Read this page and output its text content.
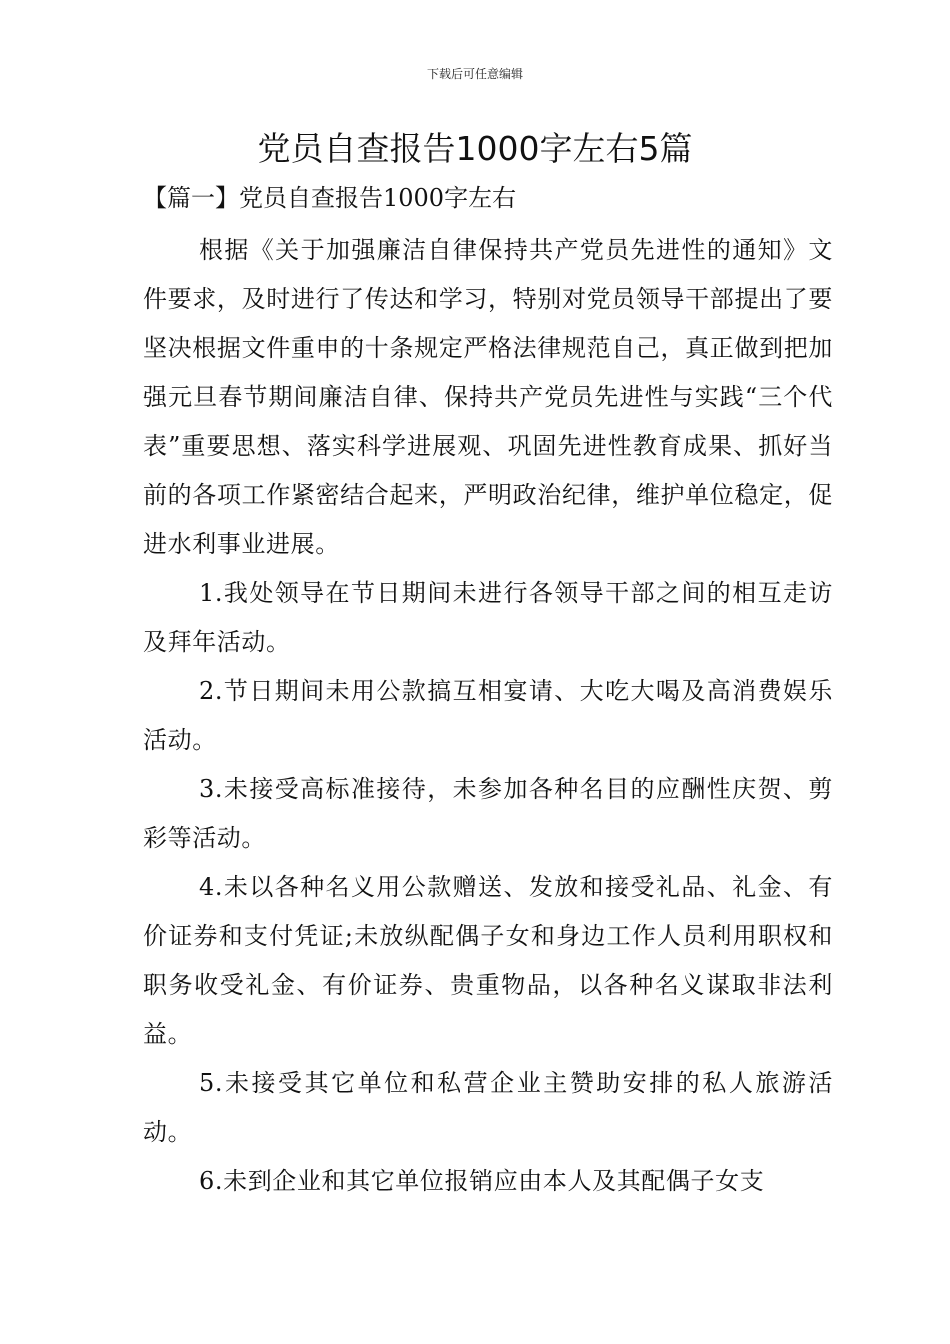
下载后可任意编辑
党员自查报告1000字左右5篇
【篇一】党员自查报告1000字左右

根据《关于加强廉洁自律保持共产党员先进性的通知》文件要求，及时进行了传达和学习，特别对党员领导干部提出了要坚决根据文件重申的十条规定严格法律规范自己，真正做到把加强元旦春节期间廉洁自律、保持共产党员先进性与实践“三个代表”重要思想、落实科学进展观、巩固先进性教育成果、抓好当前的各项工作紧密结合起来，严明政治纪律，维护单位稳定，促进水利事业进展。

1.我处领导在节日期间未进行各领导干部之间的相互走访及拜年活动。

2.节日期间未用公款搞互相宴请、大吃大喝及高消费娱乐活动。

3.未接受高标准接待，未参加各种名目的应酬性庆贺、剪彩等活动。

4.未以各种名义用公款赠送、发放和接受礼品、礼金、有价证券和支付凭证;未放纵配偶子女和身边工作人员利用职权和职务收受礼金、有价证券、贵重物品，以各种名义谋取非法利益。

5.未接受其它单位和私营企业主赞助安排的私人旅游活动。

6.未到企业和其它单位报销应由本人及其配偶子女支
